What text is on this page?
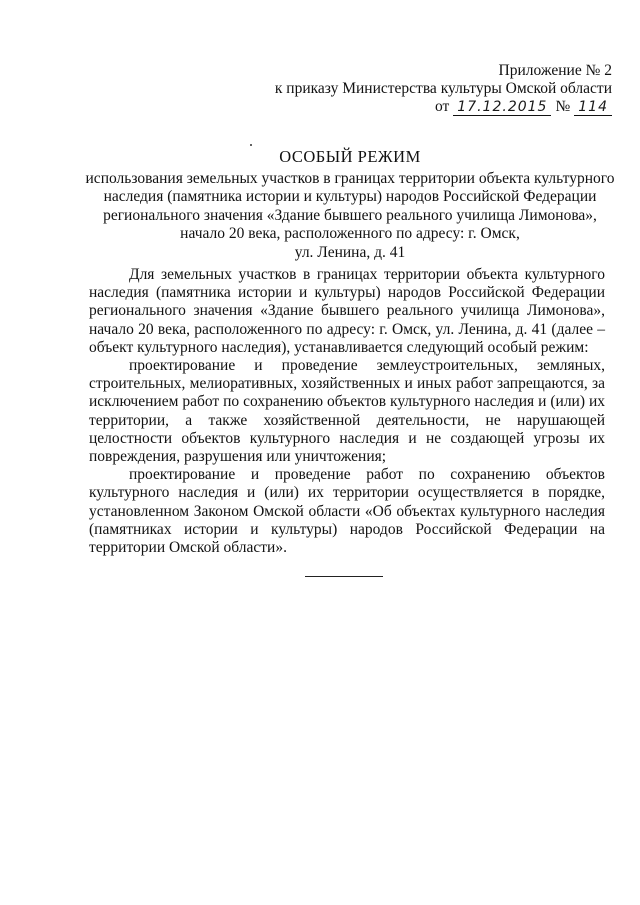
Приложение № 2
к приказу Министерства культуры Омской области
от 17.12.2015 № 114
ОСОБЫЙ РЕЖИМ
использования земельных участков в границах территории объекта культурного
наследия (памятника истории и культуры) народов Российской Федерации
регионального значения «Здание бывшего реального училища Лимонова»,
начало 20 века, расположенного по адресу: г. Омск,
ул. Ленина, д. 41

Для земельных участков в границах территории объекта культурного наследия (памятника истории и культуры) народов Российской Федерации регионального значения «Здание бывшего реального училища Лимонова», начало 20 века, расположенного по адресу: г. Омск, ул. Ленина, д. 41 (далее – объект культурного наследия), устанавливается следующий особый режим:

проектирование и проведение землеустроительных, земляных, строительных, мелиоративных, хозяйственных и иных работ запрещаются, за исключением работ по сохранению объектов культурного наследия и (или) их территории, а также хозяйственной деятельности, не нарушающей целостности объектов культурного наследия и не создающей угрозы их повреждения, разрушения или уничтожения;

проектирование и проведение работ по сохранению объектов культурного наследия и (или) их территории осуществляется в порядке, установленном Законом Омской области «Об объектах культурного наследия (памятниках истории и культуры) народов Российской Федерации на территории Омской области».
